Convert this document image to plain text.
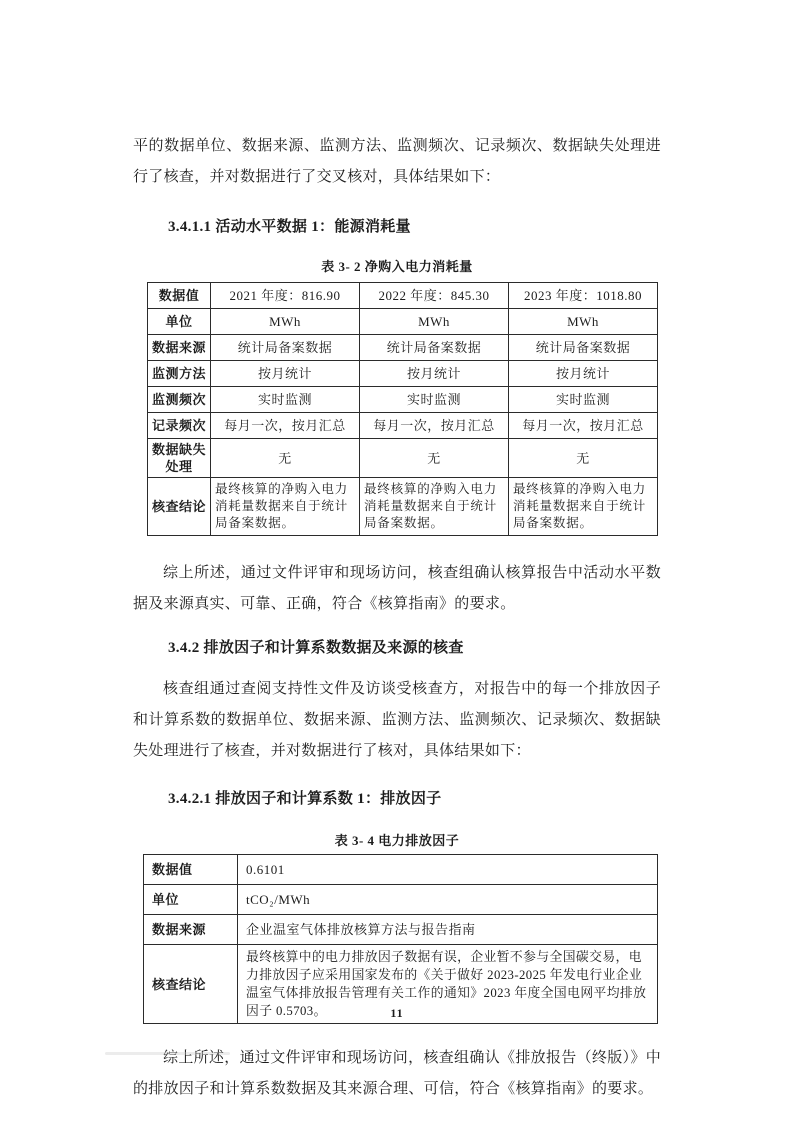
平的数据单位、数据来源、监测方法、监测频次、记录频次、数据缺失处理进行了核查，并对数据进行了交叉核对，具体结果如下：

3.4.1.1 活动水平数据 1：能源消耗量
表 3- 2 净购入电力消耗量
数据值	2021 年度：816.90	2022 年度：845.30	2023 年度：1018.80
单位	MWh	MWh	MWh
数据来源	统计局备案数据	统计局备案数据	统计局备案数据
监测方法	按月统计	按月统计	按月统计
监测频次	实时监测	实时监测	实时监测
记录频次	每月一次，按月汇总	每月一次，按月汇总	每月一次，按月汇总
数据缺失处理	无	无	无
核查结论	最终核算的净购入电力消耗量数据来自于统计局备案数据。	最终核算的净购入电力消耗量数据来自于统计局备案数据。	最终核算的净购入电力消耗量数据来自于统计局备案数据。

综上所述，通过文件评审和现场访问，核查组确认核算报告中活动水平数据及来源真实、可靠、正确，符合《核算指南》的要求。

3.4.2 排放因子和计算系数数据及来源的核查

核查组通过查阅支持性文件及访谈受核查方，对报告中的每一个排放因子和计算系数的数据单位、数据来源、监测方法、监测频次、记录频次、数据缺失处理进行了核查，并对数据进行了核对，具体结果如下：

3.4.2.1 排放因子和计算系数 1：排放因子
表 3- 4 电力排放因子
数据值	0.6101
单位	tCO₂/MWh
数据来源	企业温室气体排放核算方法与报告指南
核查结论	最终核算中的电力排放因子数据有误，企业暂不参与全国碳交易，电力排放因子应采用国家发布的《关于做好 2023-2025 年发电行业企业温室气体排放报告管理有关工作的通知》2023 年度全国电网平均排放因子 0.5703。

综上所述，通过文件评审和现场访问，核查组确认《排放报告（终版）》中的排放因子和计算系数数据及其来源合理、可信，符合《核算指南》的要求。

11
